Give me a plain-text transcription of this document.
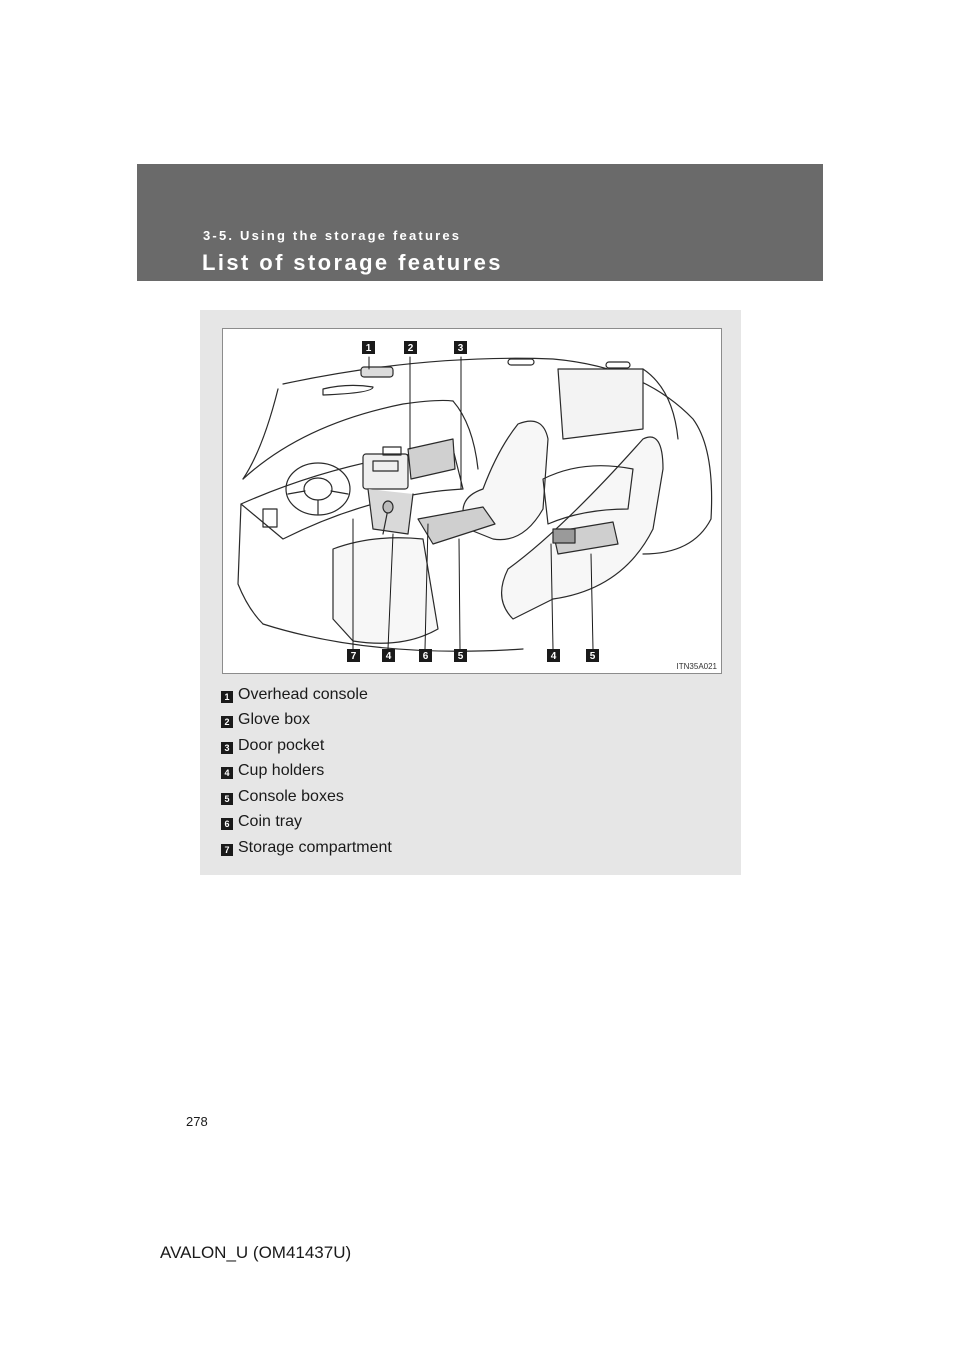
3-5. Using the storage features
List of storage features
1	2	3
7	4	6	5	4	5
ITN35A021
1 Overhead console
2 Glove box
3 Door pocket
4 Cup holders
5 Console boxes
6 Coin tray
7 Storage compartment
278
AVALON_U (OM41437U)
